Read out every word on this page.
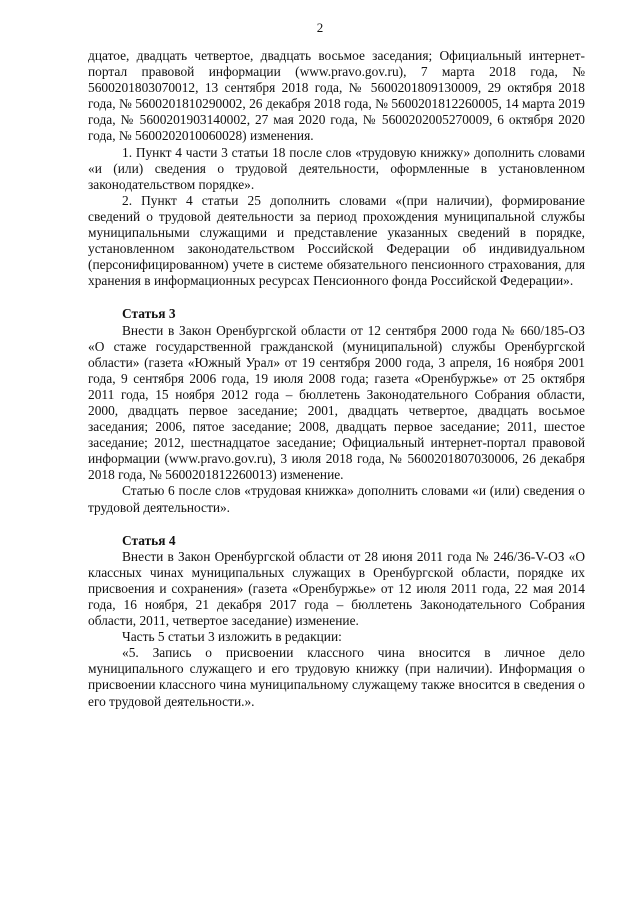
2

дцатое, двадцать четвертое, двадцать восьмое заседания; Официальный интернет-портал правовой информации (www.pravo.gov.ru), 7 марта 2018 года, № 5600201803070012, 13 сентября 2018 года, № 5600201809130009, 29 октября 2018 года, № 5600201810290002, 26 декабря 2018 года, № 5600201812260005, 14 марта 2019 года, № 5600201903140002, 27 мая 2020 года, № 5600202005270009, 6 октября 2020 года, № 5600202010060028) изменения.

1. Пункт 4 части 3 статьи 18 после слов «трудовую книжку» дополнить словами «и (или) сведения о трудовой деятельности, оформленные в установленном законодательством порядке».

2. Пункт 4 статьи 25 дополнить словами «(при наличии), формирование сведений о трудовой деятельности за период прохождения муниципальной службы муниципальными служащими и представление указанных сведений в порядке, установленном законодательством Российской Федерации об индивидуальном (персонифицированном) учете в системе обязательного пенсионного страхования, для хранения в информационных ресурсах Пенсионного фонда Российской Федерации».

Статья 3

Внести в Закон Оренбургской области от 12 сентября 2000 года № 660/185-ОЗ «О стаже государственной гражданской (муниципальной) службы Оренбургской области» (газета «Южный Урал» от 19 сентября 2000 года, 3 апреля, 16 ноября 2001 года, 9 сентября 2006 года, 19 июля 2008 года; газета «Оренбуржье» от 25 октября 2011 года, 15 ноября 2012 года – бюллетень Законодательного Собрания области, 2000, двадцать первое заседание; 2001, двадцать четвертое, двадцать восьмое заседания; 2006, пятое заседание; 2008, двадцать первое заседание; 2011, шестое заседание; 2012, шестнадцатое заседание; Официальный интернет-портал правовой информации (www.pravo.gov.ru), 3 июля 2018 года, № 5600201807030006, 26 декабря 2018 года, № 5600201812260013) изменение.

Статью 6 после слов «трудовая книжка» дополнить словами «и (или) сведения о трудовой деятельности».

Статья 4

Внести в Закон Оренбургской области от 28 июня 2011 года № 246/36-V-ОЗ «О классных чинах муниципальных служащих в Оренбургской области, порядке их присвоения и сохранения» (газета «Оренбуржье» от 12 июля 2011 года, 22 мая 2014 года, 16 ноября, 21 декабря 2017 года – бюллетень Законодательного Собрания области, 2011, четвертое заседание) изменение.

Часть 5 статьи 3 изложить в редакции:

«5. Запись о присвоении классного чина вносится в личное дело муниципального служащего и его трудовую книжку (при наличии). Информация о присвоении классного чина муниципальному служащему также вносится в сведения о его трудовой деятельности.».
